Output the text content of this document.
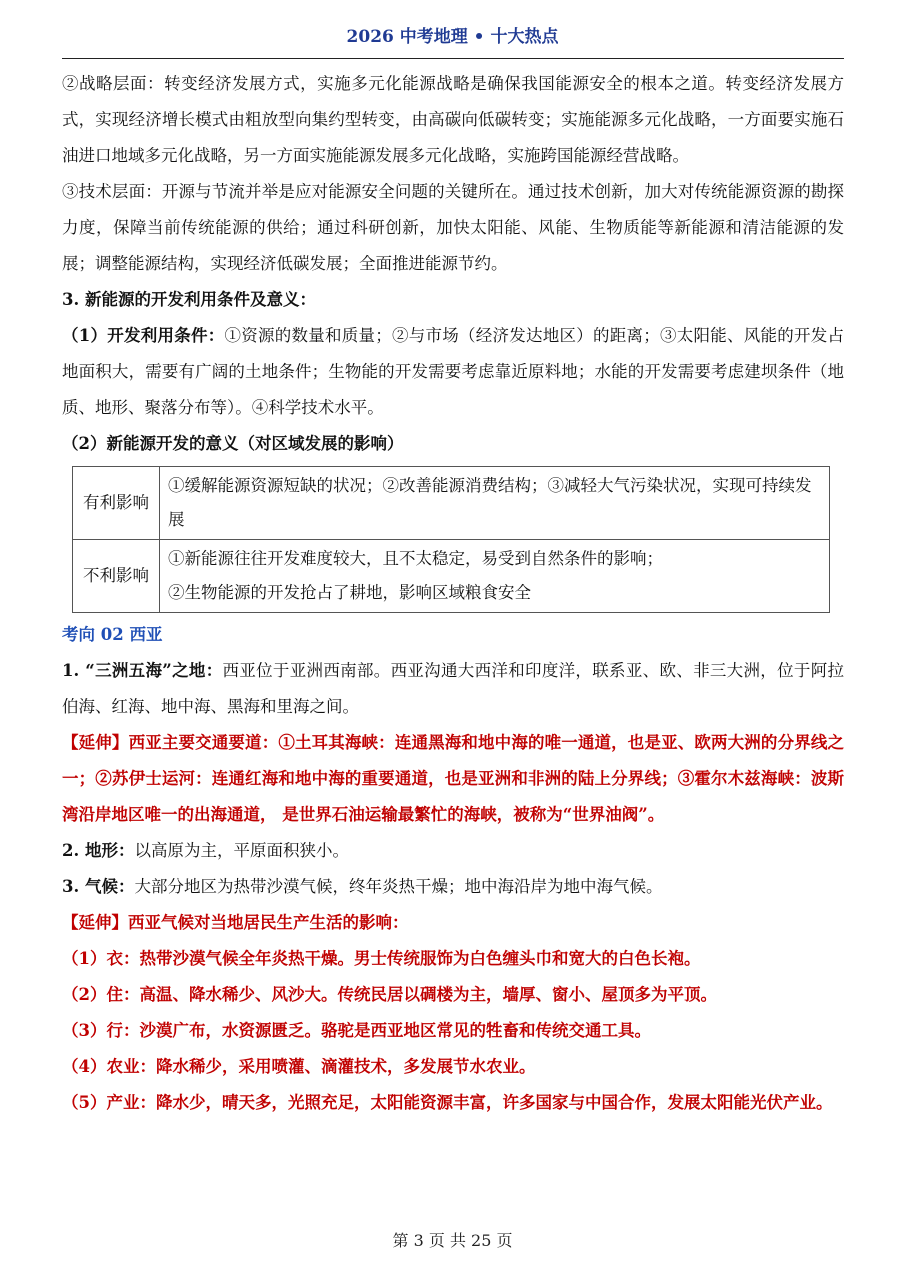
2026 中考地理 • 十大热点

②战略层面：转变经济发展方式，实施多元化能源战略是确保我国能源安全的根本之道。转变经济发展方式，实现经济增长模式由粗放型向集约型转变，由高碳向低碳转变；实施能源多元化战略，一方面要实施石油进口地域多元化战略，另一方面实施能源发展多元化战略，实施跨国能源经营战略。

③技术层面：开源与节流并举是应对能源安全问题的关键所在。通过技术创新，加大对传统能源资源的勘探力度，保障当前传统能源的供给；通过科研创新，加快太阳能、风能、生物质能等新能源和清洁能源的发展；调整能源结构，实现经济低碳发展；全面推进能源节约。

3. 新能源的开发利用条件及意义：

（1）开发利用条件：①资源的数量和质量；②与市场（经济发达地区）的距离；③太阳能、风能的开发占地面积大，需要有广阔的土地条件；生物能的开发需要考虑靠近原料地；水能的开发需要考虑建坝条件（地质、地形、聚落分布等）。④科学技术水平。

（2）新能源开发的意义（对区域发展的影响）

有利影响	①缓解能源资源短缺的状况；②改善能源消费结构；③减轻大气污染状况，实现可持续发展
不利影响	①新能源往往开发难度较大，且不太稳定，易受到自然条件的影响；
②生物能源的开发抢占了耕地，影响区域粮食安全

考向 02 西亚

1. “三洲五海”之地：西亚位于亚洲西南部。西亚沟通大西洋和印度洋，联系亚、欧、非三大洲，位于阿拉伯海、红海、地中海、黑海和里海之间。

【延伸】西亚主要交通要道：①土耳其海峡：连通黑海和地中海的唯一通道，也是亚、欧两大洲的分界线之一；②苏伊士运河：连通红海和地中海的重要通道，也是亚洲和非洲的陆上分界线；③霍尔木兹海峡：波斯湾沿岸地区唯一的出海通道， 是世界石油运输最繁忙的海峡，被称为“世界油阀”。

2. 地形：以高原为主，平原面积狭小。

3. 气候：大部分地区为热带沙漠气候，终年炎热干燥；地中海沿岸为地中海气候。

【延伸】西亚气候对当地居民生产生活的影响：

（1）衣：热带沙漠气候全年炎热干燥。男士传统服饰为白色缠头巾和宽大的白色长袍。

（2）住：高温、降水稀少、风沙大。传统民居以碉楼为主，墙厚、窗小、屋顶多为平顶。

（3）行：沙漠广布，水资源匮乏。骆驼是西亚地区常见的牲畜和传统交通工具。

（4）农业：降水稀少，采用喷灌、滴灌技术，多发展节水农业。

（5）产业：降水少，晴天多，光照充足，太阳能资源丰富，许多国家与中国合作，发展太阳能光伏产业。

第 3 页 共 25 页
